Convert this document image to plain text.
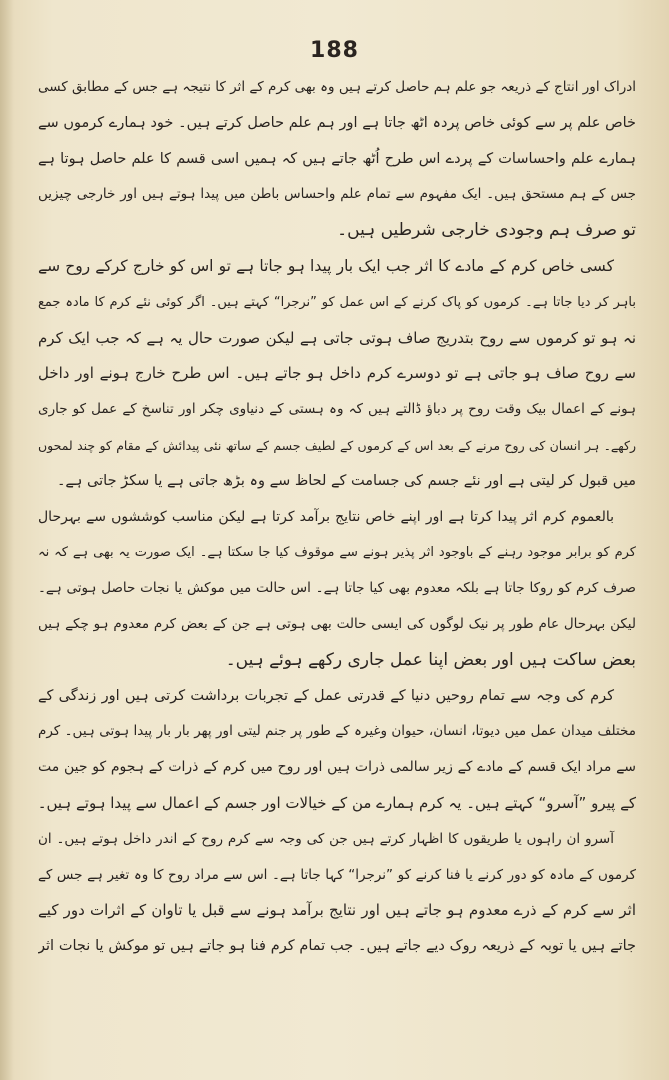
188
ادراک اور انتاج کے ذریعہ جو علم ہم حاصل کرتے ہیں وہ بھی کرم کے اثر کا نتیجہ ہے جس کے مطابق کسی
خاص علم پر سے کوئی خاص پردہ اٹھ جاتا ہے اور ہم علم حاصل کرتے ہیں۔ خود ہمارے کرموں سے
ہمارے علم واحساسات کے پردے اس طرح اُٹھ جاتے ہیں کہ ہمیں اسی قسم کا علم حاصل ہوتا ہے
جس کے ہم مستحق ہیں۔ ایک مفہوم سے تمام علم واحساس باطن میں پیدا ہوتے ہیں اور خارجی چیزیں
تو صرف ہم وجودی خارجی شرطیں ہیں۔
کسی خاص کرم کے مادے کا اثر جب ایک بار پیدا ہو جاتا ہے تو اس کو خارج کرکے روح سے
باہر کر دیا جاتا ہے۔ کرموں کو پاک کرنے کے اس عمل کو ”نرجرا“ کہتے ہیں۔ اگر کوئی نئے کرم کا مادہ جمع
نہ ہو تو کرموں سے روح بتدریج صاف ہوتی جاتی ہے لیکن صورت حال یہ ہے کہ جب ایک کرم
سے روح صاف ہو جاتی ہے تو دوسرے کرم داخل ہو جاتے ہیں۔ اس طرح خارج ہونے اور داخل
ہونے کے اعمال بیک وقت روح پر دباؤ ڈالتے ہیں کہ وہ ہستی کے دنیاوی چکر اور تناسخ کے عمل کو جاری
رکھے۔ ہر انسان کی روح مرنے کے بعد اس کے کرموں کے لطیف جسم کے ساتھ نئی پیدائش کے مقام کو چند لمحوں
میں قبول کر لیتی ہے اور نئے جسم کی جسامت کے لحاظ سے وہ بڑھ جاتی ہے یا سکڑ جاتی ہے۔
بالعموم کرم اثر پیدا کرتا ہے اور اپنے خاص نتایج برآمد کرتا ہے لیکن مناسب کوششوں سے بہرحال
کرم کو برابر موجود رہنے کے باوجود اثر پذیر ہونے سے موقوف کیا جا سکتا ہے۔ ایک صورت یہ بھی ہے کہ نہ
صرف کرم کو روکا جاتا ہے بلکہ معدوم بھی کیا جاتا ہے۔ اس حالت میں موکش یا نجات حاصل ہوتی ہے۔
لیکن بہرحال عام طور پر نیک لوگوں کی ایسی حالت بھی ہوتی ہے جن کے بعض کرم معدوم ہو چکے ہیں
بعض ساکت ہیں اور بعض اپنا عمل جاری رکھے ہوئے ہیں۔
کرم کی وجہ سے تمام روحیں دنیا کے قدرتی عمل کے تجربات برداشت کرتی ہیں اور زندگی کے
مختلف میدان عمل میں دیوتا، انسان، حیوان وغیرہ کے طور پر جنم لیتی اور پھر بار بار پیدا ہوتی ہیں۔ کرم
سے مراد ایک قسم کے مادے کے زیر سالمی ذرات ہیں اور روح میں کرم کے ذرات کے ہجوم کو جین مت
کے پیرو ”آسرو“ کہتے ہیں۔ یہ کرم ہمارے من کے خیالات اور جسم کے اعمال سے پیدا ہوتے ہیں۔
آسرو ان راہوں یا طریقوں کا اظہار کرتے ہیں جن کی وجہ سے کرم روح کے اندر داخل ہوتے ہیں۔ ان
کرموں کے مادہ کو دور کرنے یا فنا کرنے کو ”نرجرا“ کہا جاتا ہے۔ اس سے مراد روح کا وہ تغیر ہے جس کے
اثر سے کرم کے ذرے معدوم ہو جاتے ہیں اور نتایج برآمد ہونے سے قبل یا تاوان کے اثرات دور کیے
جاتے ہیں یا توبہ کے ذریعہ روک دیے جاتے ہیں۔ جب تمام کرم فنا ہو جاتے ہیں تو موکش یا نجات اثر
